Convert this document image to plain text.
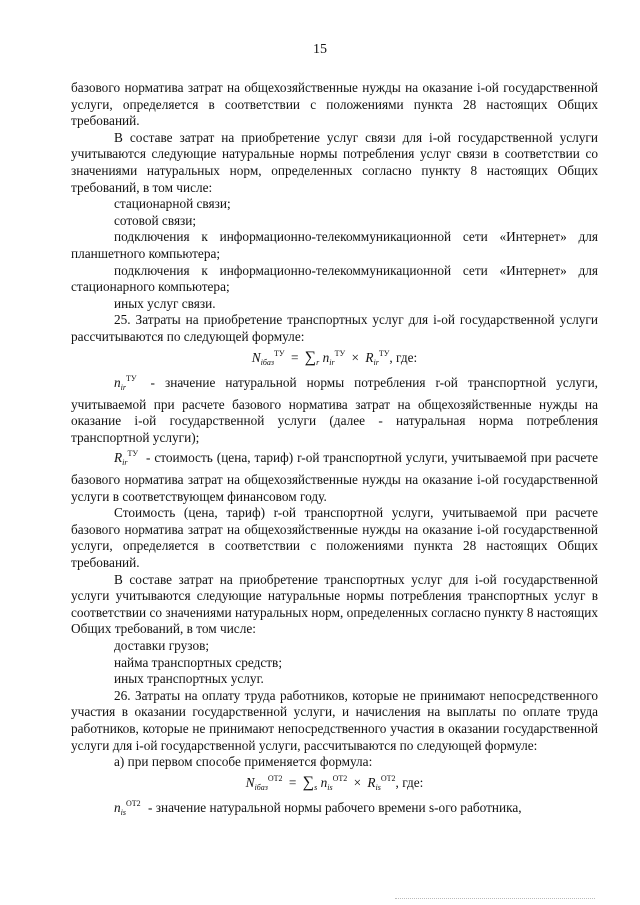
15

базового норматива затрат на общехозяйственные нужды на оказание i-ой государственной услуги, определяется в соответствии с положениями пункта 28 настоящих Общих требований.

В составе затрат на приобретение услуг связи для i-ой государственной услуги учитываются следующие натуральные нормы потребления услуг связи в соответствии со значениями натуральных норм, определенных согласно пункту 8 настоящих Общих требований, в том числе:

стационарной связи;

сотовой связи;

подключения к информационно-телекоммуникационной сети «Интернет» для планшетного компьютера;

подключения к информационно-телекоммуникационной сети «Интернет» для стационарного компьютера;

иных услуг связи.

25. Затраты на приобретение транспортных услуг для i-ой государственной услуги рассчитываются по следующей формуле:

$N_{iбаз}^{ТУ} = \sum_r$ $n_{ir}^{ТУ} \times R_{ir}^{ТУ}$, где:

$n_{ir}^{ТУ}$ - значение натуральной нормы потребления r-ой транспортной услуги, учитываемой при расчете базового норматива затрат на общехозяйственные нужды на оказание i-ой государственной услуги (далее - натуральная норма потребления транспортной услуги);

$R_{ir}^{ТУ}$ - стоимость (цена, тариф) r-ой транспортной услуги, учитываемой при расчете базового норматива затрат на общехозяйственные нужды на оказание i-ой государственной услуги в соответствующем финансовом году.

Стоимость (цена, тариф) r-ой транспортной услуги, учитываемой при расчете базового норматива затрат на общехозяйственные нужды на оказание i-ой государственной услуги, определяется в соответствии с положениями пункта 28 настоящих Общих требований.

В составе затрат на приобретение транспортных услуг для i-ой государственной услуги учитываются следующие натуральные нормы потребления транспортных услуг в соответствии со значениями натуральных норм, определенных согласно пункту 8 настоящих Общих требований, в том числе:

доставки грузов;

найма транспортных средств;

иных транспортных услуг.

26. Затраты на оплату труда работников, которые не принимают непосредственного участия в оказании государственной услуги, и начисления на выплаты по оплате труда работников, которые не принимают непосредственного участия в оказании государственной услуги для i-ой государственной услуги, рассчитываются по следующей формуле:

а) при первом способе применяется формула:

$N_{iбаз}^{ОТ2} = \sum_s$ $n_{is}^{ОТ2} \times R_{is}^{ОТ2}$, где:

$n_{is}^{ОТ2}$ - значение натуральной нормы рабочего времени s-ого работника,
